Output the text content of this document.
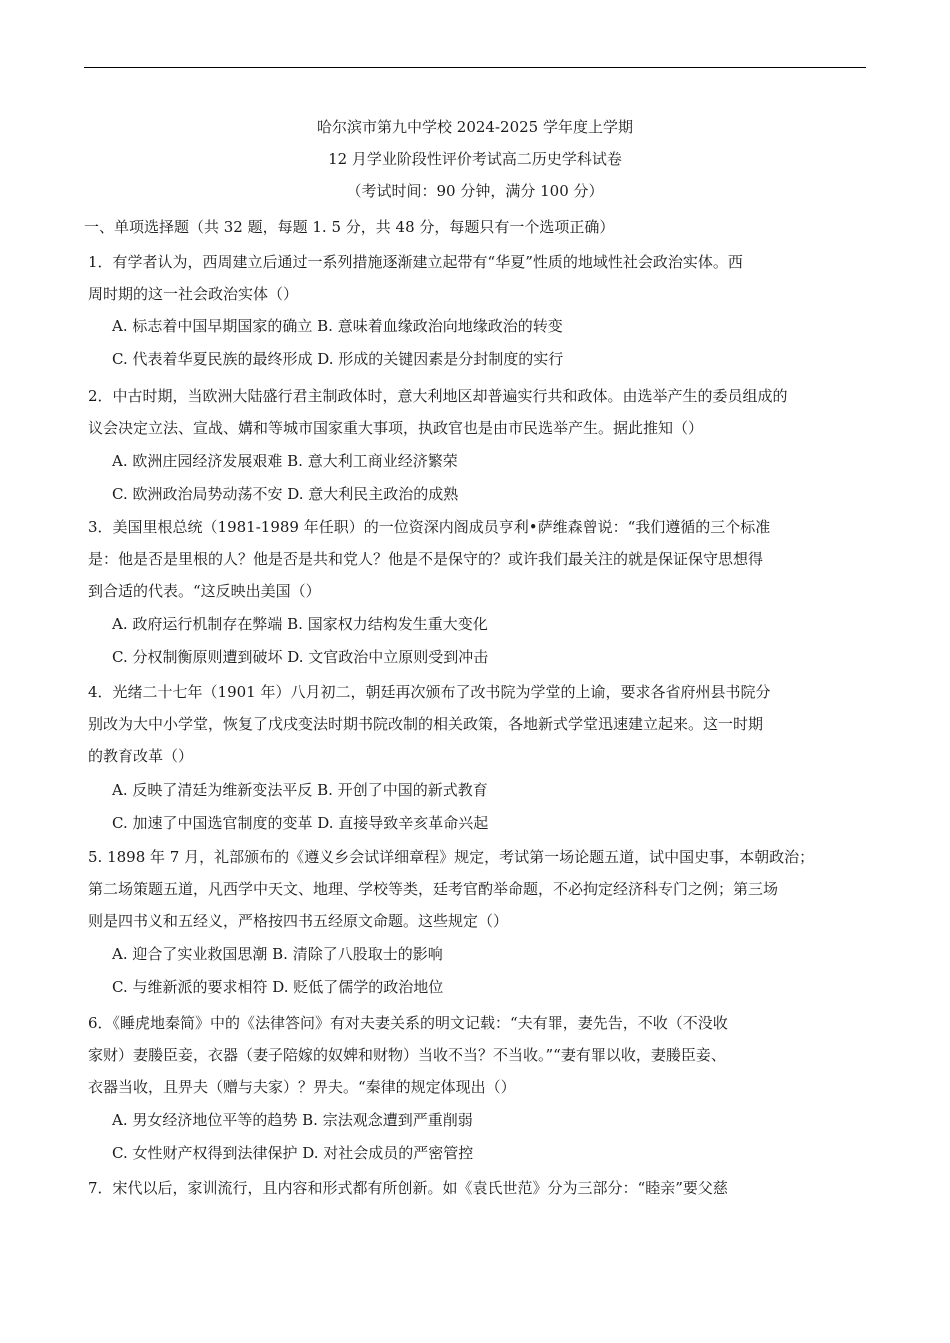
哈尔滨市第九中学校 2024-2025 学年度上学期
12 月学业阶段性评价考试高二历史学科试卷
（考试时间：90 分钟，满分 100 分）
一、单项选择题（共 32 题，每题 1. 5 分，共 48 分，每题只有一个选项正确）
1．有学者认为，西周建立后通过一系列措施逐渐建立起带有“华夏”性质的地域性社会政治实体。西
周时期的这一社会政治实体（）
A. 标志着中国早期国家的确立 B. 意味着血缘政治向地缘政治的转变
C. 代表着华夏民族的最终形成 D. 形成的关键因素是分封制度的实行
2．中古时期，当欧洲大陆盛行君主制政体时，意大利地区却普遍实行共和政体。由选举产生的委员组成的
议会决定立法、宣战、媾和等城市国家重大事项，执政官也是由市民选举产生。据此推知（）
A. 欧洲庄园经济发展艰难 B. 意大利工商业经济繁荣
C. 欧洲政治局势动荡不安 D. 意大利民主政治的成熟
3．美国里根总统（1981-1989 年任职）的一位资深内阁成员亨利•萨维森曾说：“我们遵循的三个标准
是：他是否是里根的人？他是否是共和党人？他是不是保守的？或许我们最关注的就是保证保守思想得
到合适的代表。“这反映出美国（）
A. 政府运行机制存在弊端 B. 国家权力结构发生重大变化
C. 分权制衡原则遭到破坏 D. 文官政治中立原则受到冲击
4．光绪二十七年（1901 年）八月初二，朝廷再次颁布了改书院为学堂的上谕，要求各省府州县书院分
别改为大中小学堂，恢复了戊戌变法时期书院改制的相关政策，各地新式学堂迅速建立起来。这一时期
的教育改革（）
A. 反映了清廷为维新变法平反 B. 开创了中国的新式教育
C. 加速了中国选官制度的变革 D. 直接导致辛亥革命兴起
5. 1898 年 7 月，礼部颁布的《遵义乡会试详细章程》规定，考试第一场论题五道，试中国史事，本朝政治；
第二场策题五道，凡西学中天文、地理、学校等类，廷考官酌举命题，不必拘定经济科专门之例；第三场
则是四书义和五经义，严格按四书五经原文命题。这些规定（）
A. 迎合了实业救国思潮 B. 清除了八股取士的影响
C. 与维新派的要求相符 D. 贬低了儒学的政治地位
6．《睡虎地秦简》中的《法律答问》有对夫妻关系的明文记载：“夫有罪，妻先告，不收（不没收
家财）妻媵臣妾，衣器（妻子陪嫁的奴婢和财物）当收不当？不当收。”“妻有罪以收，妻媵臣妾、
衣器当收，且畀夫（赠与夫家）？畀夫。“秦律的规定体现出（）
A. 男女经济地位平等的趋势 B. 宗法观念遭到严重削弱
C. 女性财产权得到法律保护 D. 对社会成员的严密管控
7．宋代以后，家训流行，且内容和形式都有所创新。如《袁氏世范》分为三部分：“睦亲”要父慈
